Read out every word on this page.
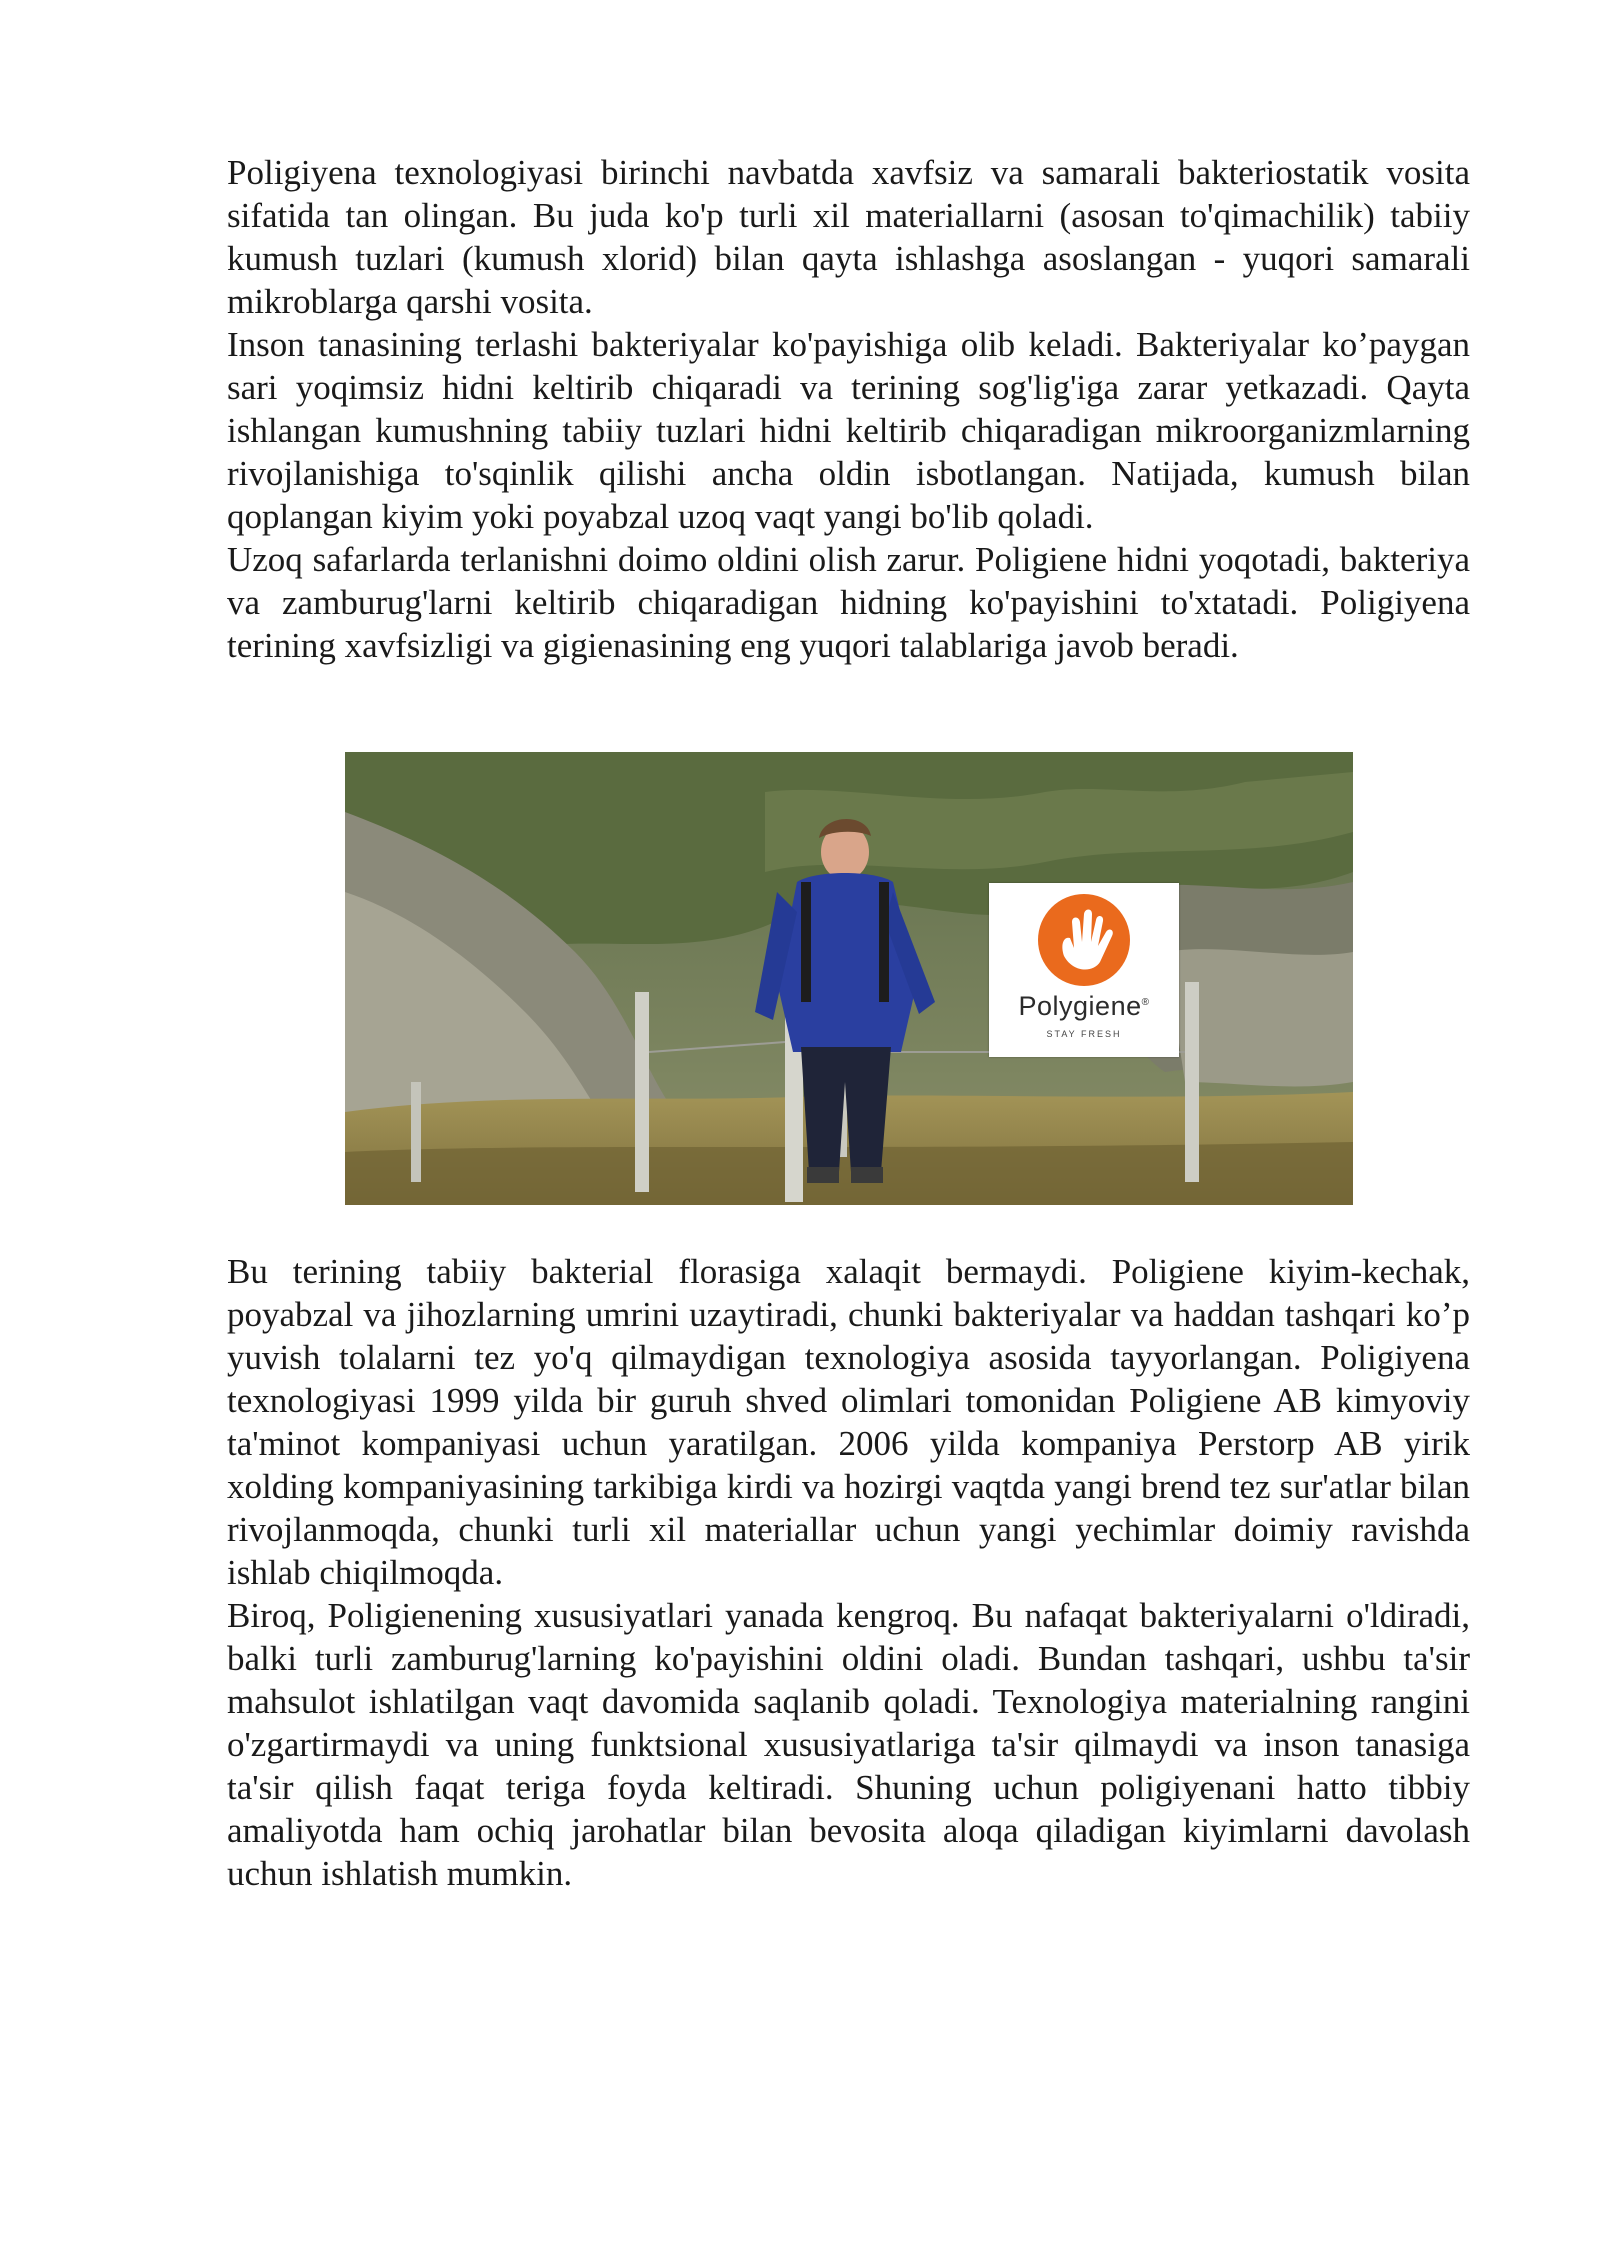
Poligiyena texnologiyasi birinchi navbatda xavfsiz va samarali bakteriostatik vosita sifatida tan olingan. Bu juda ko'p turli xil materiallarni (asosan to'qimachilik) tabiiy kumush tuzlari (kumush xlorid) bilan qayta ishlashga asoslangan - yuqori samarali mikroblarga qarshi vosita.

Inson tanasining terlashi bakteriyalar ko'payishiga olib keladi. Bakteriyalar ko’paygan sari yoqimsiz hidni keltirib chiqaradi va terining sog'lig'iga zarar yetkazadi. Qayta ishlangan kumushning tabiiy tuzlari hidni keltirib chiqaradigan mikroorganizmlarning rivojlanishiga to'sqinlik qilishi ancha oldin isbotlangan. Natijada, kumush bilan qoplangan kiyim yoki poyabzal uzoq vaqt yangi bo'lib qoladi.

Uzoq safarlarda terlanishni doimo oldini olish zarur. Poligiene hidni yoqotadi, bakteriya va zamburug'larni keltirib chiqaradigan hidning ko'payishini to'xtatadi. Poligiyena terining xavfsizligi va gigienasining eng yuqori talablariga javob beradi.

Polygiene®
STAY FRESH

Bu terining tabiiy bakterial florasiga xalaqit bermaydi. Poligiene kiyim-kechak, poyabzal va jihozlarning umrini uzaytiradi, chunki bakteriyalar va haddan tashqari ko’p yuvish tolalarni tez yo'q qilmaydigan texnologiya asosida tayyorlangan. Poligiyena texnologiyasi 1999 yilda bir guruh shved olimlari tomonidan Poligiene AB kimyoviy ta'minot kompaniyasi uchun yaratilgan. 2006 yilda kompaniya Perstorp AB yirik xolding kompaniyasining tarkibiga kirdi va hozirgi vaqtda yangi brend tez sur'atlar bilan rivojlanmoqda, chunki turli xil materiallar uchun yangi yechimlar doimiy ravishda ishlab chiqilmoqda.

Biroq, Poligienening xususiyatlari yanada kengroq. Bu nafaqat bakteriyalarni o'ldiradi, balki turli zamburug'larning ko'payishini oldini oladi. Bundan tashqari, ushbu ta'sir mahsulot ishlatilgan vaqt davomida saqlanib qoladi. Texnologiya materialning rangini o'zgartirmaydi va uning funktsional xususiyatlariga ta'sir qilmaydi va inson tanasiga ta'sir qilish faqat teriga foyda keltiradi. Shuning uchun poligiyenani hatto tibbiy amaliyotda ham ochiq jarohatlar bilan bevosita aloqa qiladigan kiyimlarni davolash uchun ishlatish mumkin.
